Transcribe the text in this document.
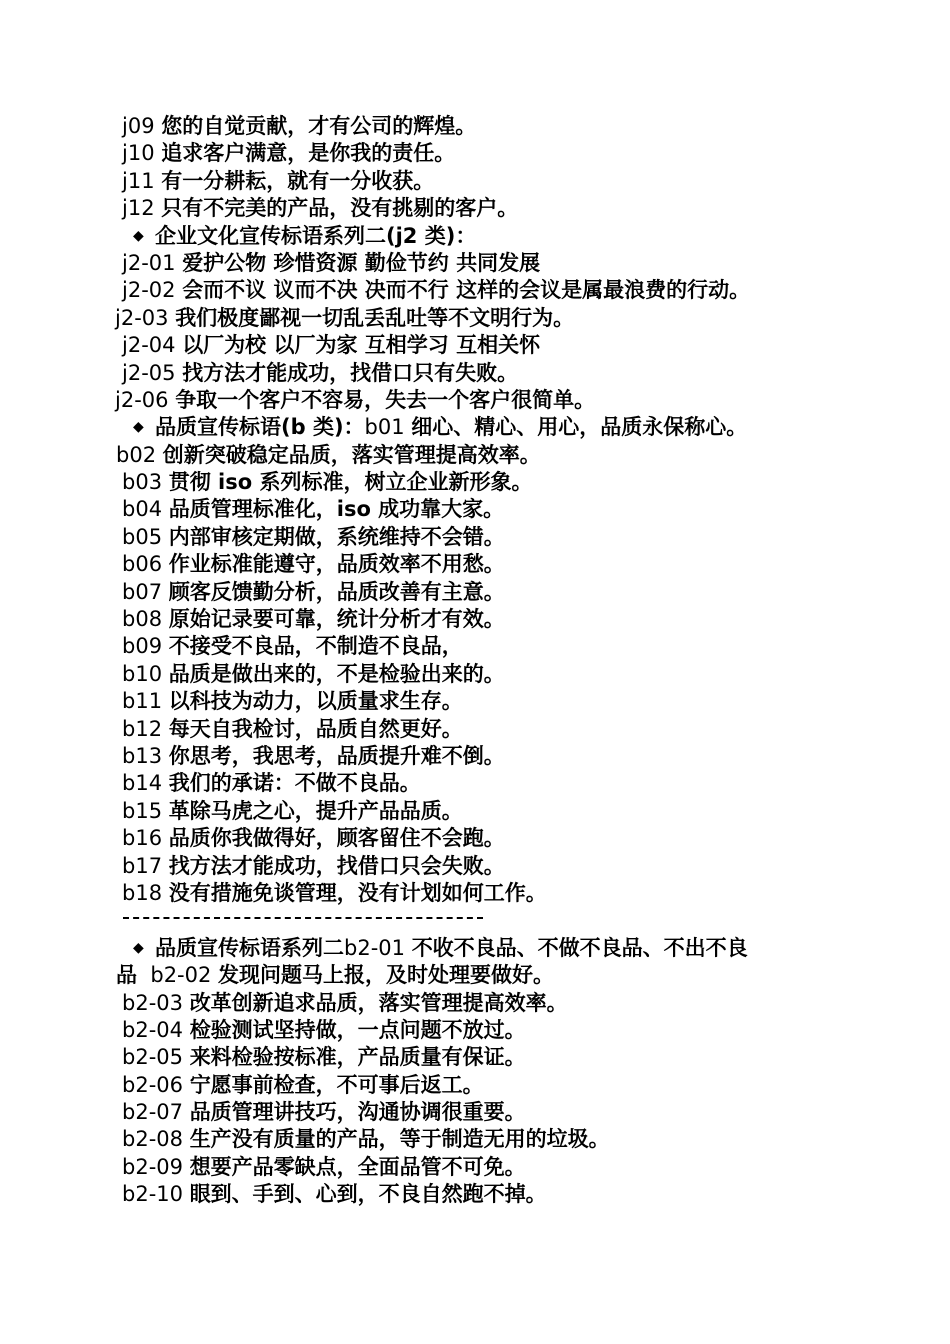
j09 您的自觉贡献，才有公司的辉煌。
j10 追求客户满意，是你我的责任。
j11 有一分耕耘，就有一分收获。
j12 只有不完美的产品，没有挑剔的客户。
◆ 企业文化宣传标语系列二(j2 类)：
j2-01 爱护公物 珍惜资源 勤俭节约 共同发展
j2-02 会而不议 议而不决 决而不行 这样的会议是属最浪费的行动。
j2-03 我们极度鄙视一切乱丢乱吐等不文明行为。
j2-04 以厂为校 以厂为家 互相学习 互相关怀
j2-05 找方法才能成功，找借口只有失败。
j2-06 争取一个客户不容易，失去一个客户很简单。
◆ 品质宣传标语(b 类)：b01 细心、精心、用心，品质永保称心。
b02 创新突破稳定品质，落实管理提高效率。
b03 贯彻 iso 系列标准，树立企业新形象。
b04 品质管理标准化，iso 成功靠大家。
b05 内部审核定期做，系统维持不会错。
b06 作业标准能遵守，品质效率不用愁。
b07 顾客反馈勤分析，品质改善有主意。
b08 原始记录要可靠，统计分析才有效。
b09 不接受不良品，不制造不良品，
b10 品质是做出来的，不是检验出来的。
b11 以科技为动力，以质量求生存。
b12 每天自我检讨，品质自然更好。
b13 你思考，我思考，品质提升难不倒。
b14 我们的承诺：不做不良品。
b15 革除马虎之心，提升产品品质。
b16 品质你我做得好，顾客留住不会跑。
b17 找方法才能成功，找借口只会失败。
b18 没有措施免谈管理，没有计划如何工作。
◆ 品质宣传标语系列二b2-01 不收不良品、不做不良品、不出不良
品 b2-02 发现问题马上报，及时处理要做好。
b2-03 改革创新追求品质，落实管理提高效率。
b2-04 检验测试坚持做，一点问题不放过。
b2-05 来料检验按标准，产品质量有保证。
b2-06 宁愿事前检查，不可事后返工。
b2-07 品质管理讲技巧，沟通协调很重要。
b2-08 生产没有质量的产品，等于制造无用的垃圾。
b2-09 想要产品零缺点，全面品管不可免。
b2-10 眼到、手到、心到，不良自然跑不掉。
